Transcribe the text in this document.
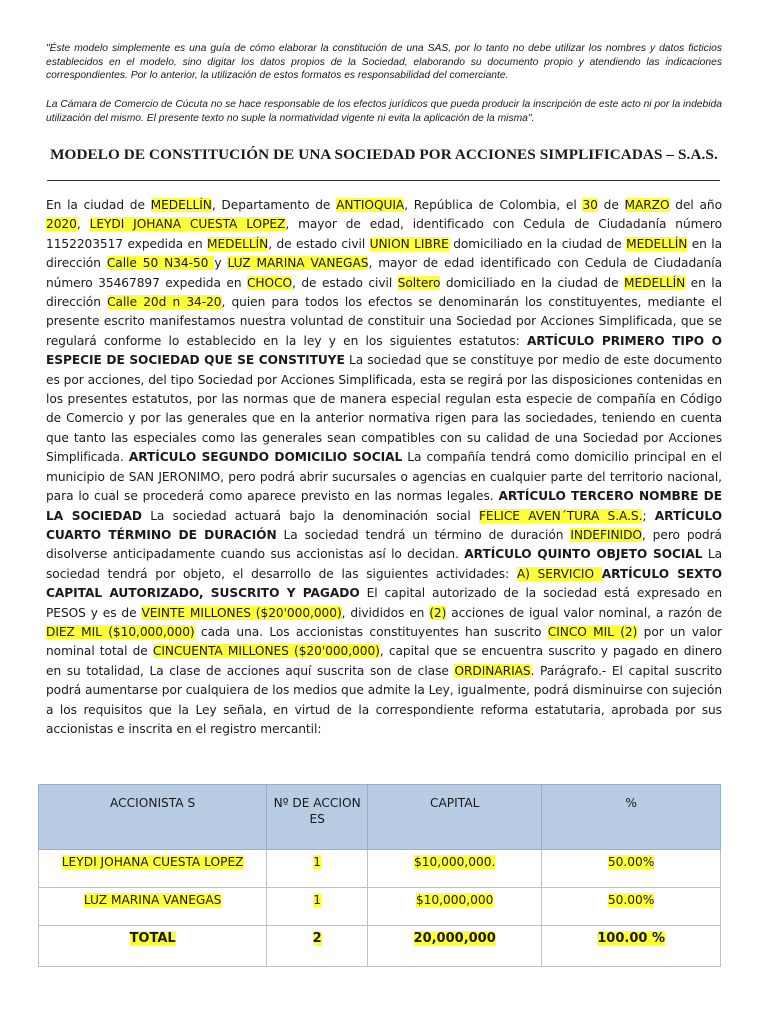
"Éste modelo simplemente es una guía de cómo elaborar la constitución de una SAS, por lo tanto no debe utilizar los nombres y datos ficticios establecidos en el modelo, sino digitar los datos propios de la Sociedad, elaborando su documento propio y atendiendo las indicaciones correspondientes. Por lo anterior, la utilización de estos formatos es responsabilidad del comerciante.

La Cámara de Comercio de Cúcuta no se hace responsable de los efectos jurídicos que pueda producir la inscripción de este acto ni por la indebida utilización del mismo. El presente texto no suple la normatividad vigente ni evita la aplicación de la misma".

MODELO DE CONSTITUCIÓN DE UNA SOCIEDAD POR ACCIONES SIMPLIFICADAS – S.A.S.

En la ciudad de MEDELLÍN, Departamento de ANTIOQUIA, República de Colombia, el 30 de MARZO del año 2020, LEYDI JOHANA CUESTA LOPEZ, mayor de edad, identificado con Cedula de Ciudadanía número 1152203517 expedida en MEDELLÍN, de estado civil UNION LIBRE domiciliado en la ciudad de MEDELLÍN en la dirección Calle 50 N34-50 y LUZ MARINA VANEGAS, mayor de edad identificado con Cedula de Ciudadanía número 35467897 expedida en CHOCO, de estado civil Soltero domiciliado en la ciudad de MEDELLÍN en la dirección Calle 20d n 34-20, quien para todos los efectos se denominarán los constituyentes, mediante el presente escrito manifestamos nuestra voluntad de constituir una Sociedad por Acciones Simplificada, que se regulará conforme lo establecido en la ley y en los siguientes estatutos: ARTÍCULO PRIMERO TIPO O ESPECIE DE SOCIEDAD QUE SE CONSTITUYE La sociedad que se constituye por medio de este documento es por acciones, del tipo Sociedad por Acciones Simplificada, esta se regirá por las disposiciones contenidas en los presentes estatutos, por las normas que de manera especial regulan esta especie de compañía en Código de Comercio y por las generales que en la anterior normativa rigen para las sociedades, teniendo en cuenta que tanto las especiales como las generales sean compatibles con su calidad de una Sociedad por Acciones Simplificada. ARTÍCULO SEGUNDO DOMICILIO SOCIAL La compañía tendrá como domicilio principal en el municipio de SAN JERONIMO, pero podrá abrir sucursales o agencias en cualquier parte del territorio nacional, para lo cual se procederá como aparece previsto en las normas legales. ARTÍCULO TERCERO NOMBRE DE LA SOCIEDAD La sociedad actuará bajo la denominación social FELICE AVEN´TURA S.A.S.; ARTÍCULO CUARTO TÉRMINO DE DURACIÓN La sociedad tendrá un término de duración INDEFINIDO, pero podrá disolverse anticipadamente cuando sus accionistas así lo decidan. ARTÍCULO QUINTO OBJETO SOCIAL La sociedad tendrá por objeto, el desarrollo de las siguientes actividades: A) SERVICIO ARTÍCULO SEXTO CAPITAL AUTORIZADO, SUSCRITO Y PAGADO El capital autorizado de la sociedad está expresado en PESOS y es de VEINTE MILLONES ($20'000,000), divididos en (2) acciones de igual valor nominal, a razón de DIEZ MIL ($10,000,000) cada una. Los accionistas constituyentes han suscrito CINCO MIL (2) por un valor nominal total de CINCUENTA MILLONES ($20'000,000), capital que se encuentra suscrito y pagado en dinero en su totalidad, La clase de acciones aquí suscrita son de clase ORDINARIAS. Parágrafo.- El capital suscrito podrá aumentarse por cualquiera de los medios que admite la Ley, igualmente, podrá disminuirse con sujeción a los requisitos que la Ley señala, en virtud de la correspondiente reforma estatutaria, aprobada por sus accionistas e inscrita en el registro mercantil:

ACCIONISTA S	Nº DE ACCION ES	CAPITAL	%
LEYDI JOHANA CUESTA LOPEZ	1	$10,000,000.	50.00%
LUZ MARINA VANEGAS	1	$10,000,000	50.00%
TOTAL	2	20,000,000	100.00 %
